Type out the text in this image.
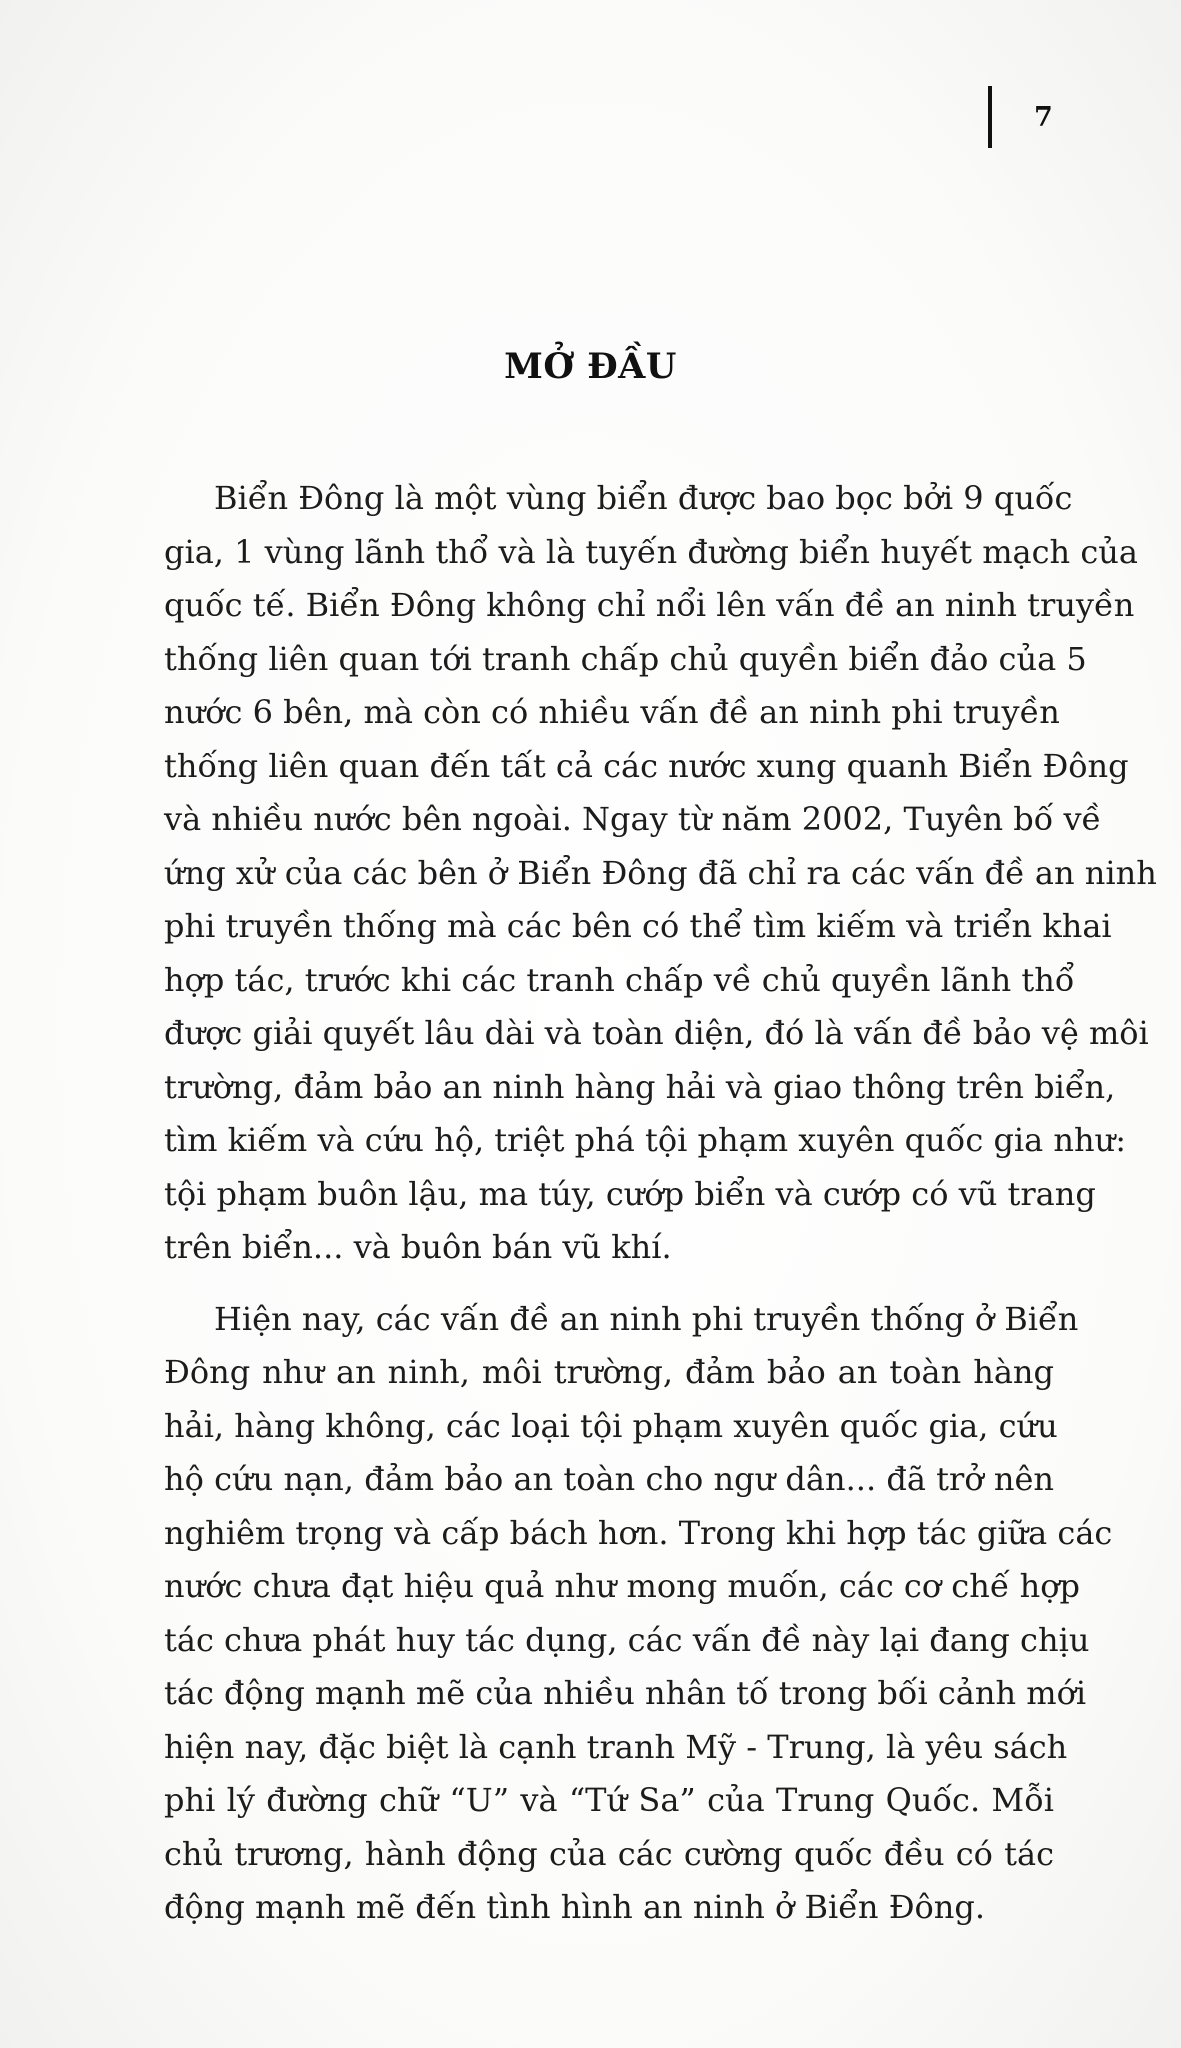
7
MỞ ĐẦU

Biển Đông là một vùng biển được bao bọc bởi 9 quốc
gia, 1 vùng lãnh thổ và là tuyến đường biển huyết mạch của
quốc tế. Biển Đông không chỉ nổi lên vấn đề an ninh truyền
thống liên quan tới tranh chấp chủ quyền biển đảo của 5
nước 6 bên, mà còn có nhiều vấn đề an ninh phi truyền
thống liên quan đến tất cả các nước xung quanh Biển Đông
và nhiều nước bên ngoài. Ngay từ năm 2002, Tuyên bố về
ứng xử của các bên ở Biển Đông đã chỉ ra các vấn đề an ninh
phi truyền thống mà các bên có thể tìm kiếm và triển khai
hợp tác, trước khi các tranh chấp về chủ quyền lãnh thổ
được giải quyết lâu dài và toàn diện, đó là vấn đề bảo vệ môi
trường, đảm bảo an ninh hàng hải và giao thông trên biển,
tìm kiếm và cứu hộ, triệt phá tội phạm xuyên quốc gia như:
tội phạm buôn lậu, ma túy, cướp biển và cướp có vũ trang
trên biển... và buôn bán vũ khí.

Hiện nay, các vấn đề an ninh phi truyền thống ở Biển
Đông như an ninh, môi trường, đảm bảo an toàn hàng
hải, hàng không, các loại tội phạm xuyên quốc gia, cứu
hộ cứu nạn, đảm bảo an toàn cho ngư dân... đã trở nên
nghiêm trọng và cấp bách hơn. Trong khi hợp tác giữa các
nước chưa đạt hiệu quả như mong muốn, các cơ chế hợp
tác chưa phát huy tác dụng, các vấn đề này lại đang chịu
tác động mạnh mẽ của nhiều nhân tố trong bối cảnh mới
hiện nay, đặc biệt là cạnh tranh Mỹ - Trung, là yêu sách
phi lý đường chữ “U” và “Tứ Sa” của Trung Quốc. Mỗi
chủ trương, hành động của các cường quốc đều có tác
động mạnh mẽ đến tình hình an ninh ở Biển Đông.
